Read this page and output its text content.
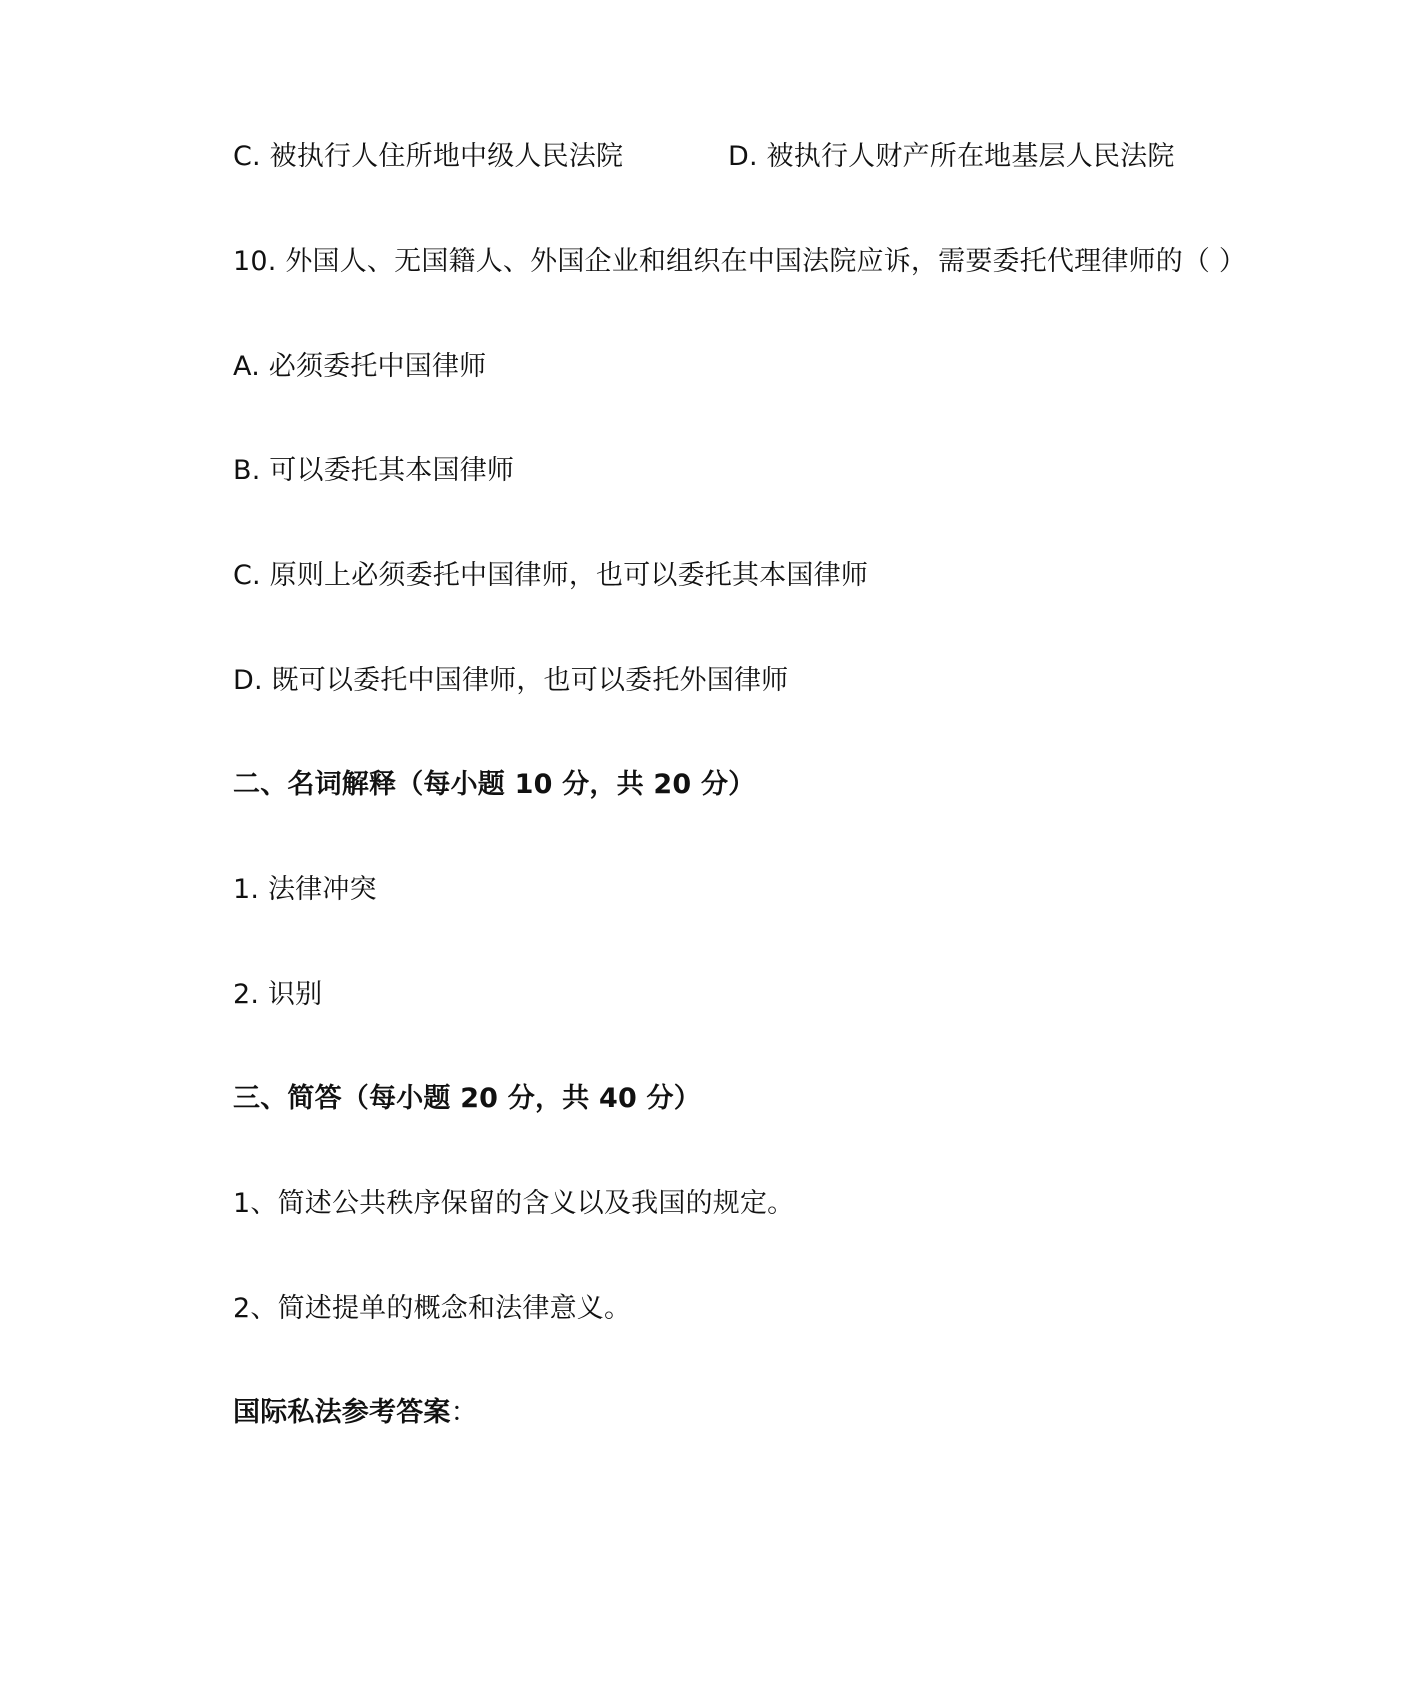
C. 被执行人住所地中级人民法院	D. 被执行人财产所在地基层人民法院
10. 外国人、无国籍人、外国企业和组织在中国法院应诉，需要委托代理律师的（ ）
A. 必须委托中国律师
B. 可以委托其本国律师
C. 原则上必须委托中国律师，也可以委托其本国律师
D. 既可以委托中国律师，也可以委托外国律师
二、名词解释（每小题 10 分，共 20 分）
1. 法律冲突
2. 识别
三、简答（每小题 20 分，共 40 分）
1、简述公共秩序保留的含义以及我国的规定。
2、简述提单的概念和法律意义。
国际私法参考答案：
